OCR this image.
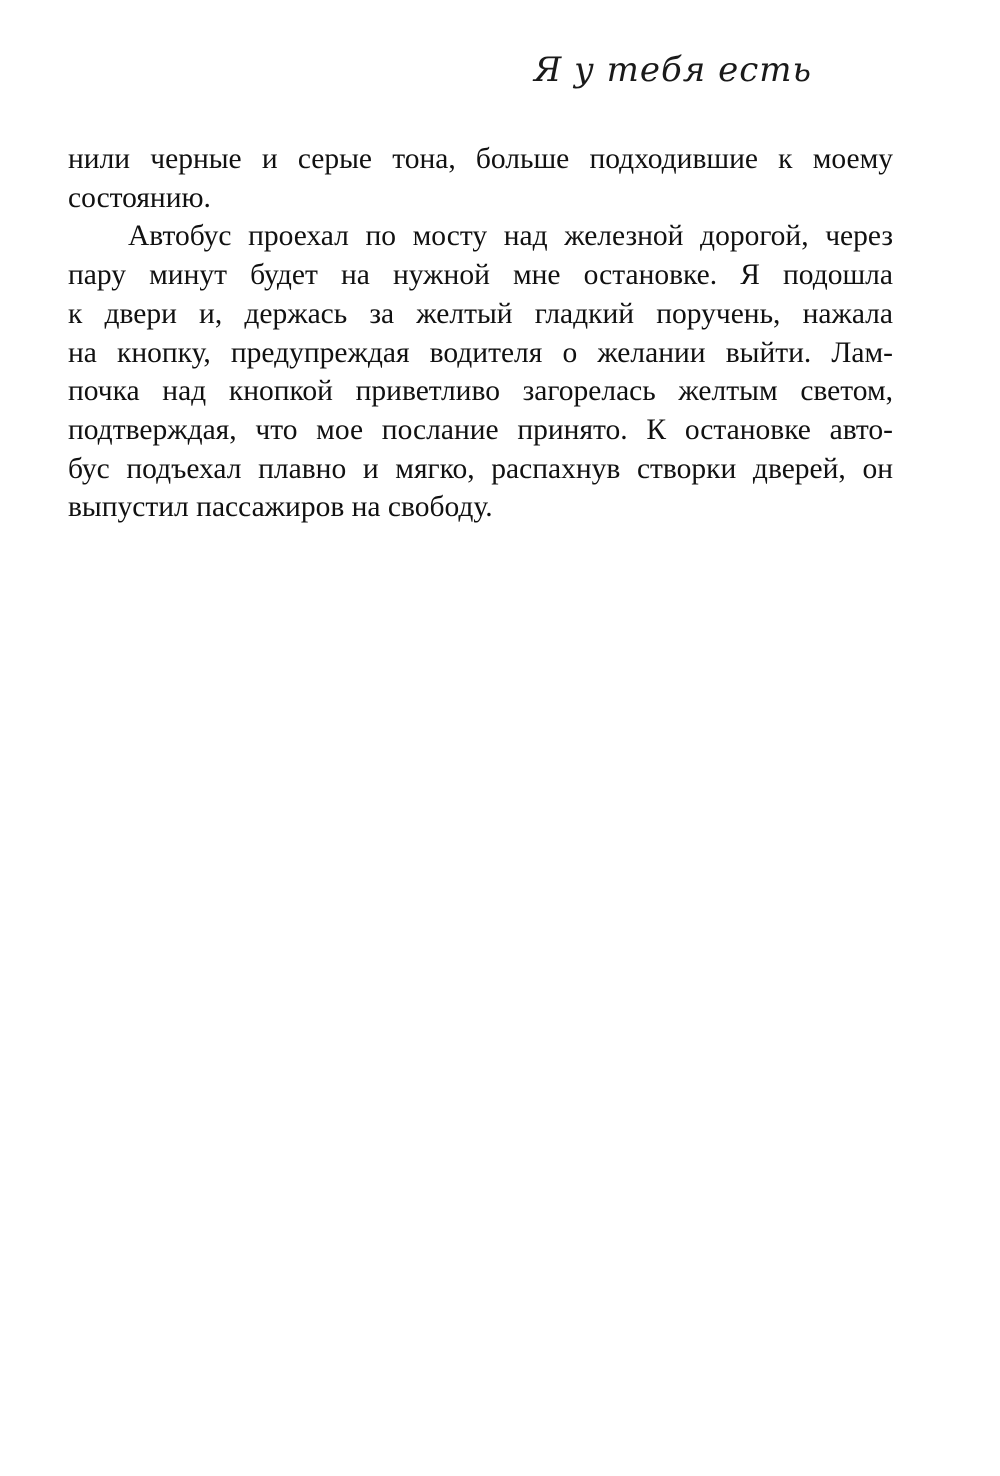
Я у тебя есть
нили черные и серые тона, больше подходившие к моему
состоянию.
Автобус проехал по мосту над железной дорогой, через
пару минут будет на нужной мне остановке. Я подошла
к двери и, держась за желтый гладкий поручень, нажала
на кнопку, предупреждая водителя о желании выйти. Лам-
почка над кнопкой приветливо загорелась желтым светом,
подтверждая, что мое послание принято. К остановке авто-
бус подъехал плавно и мягко, распахнув створки дверей, он
выпустил пассажиров на свободу.
